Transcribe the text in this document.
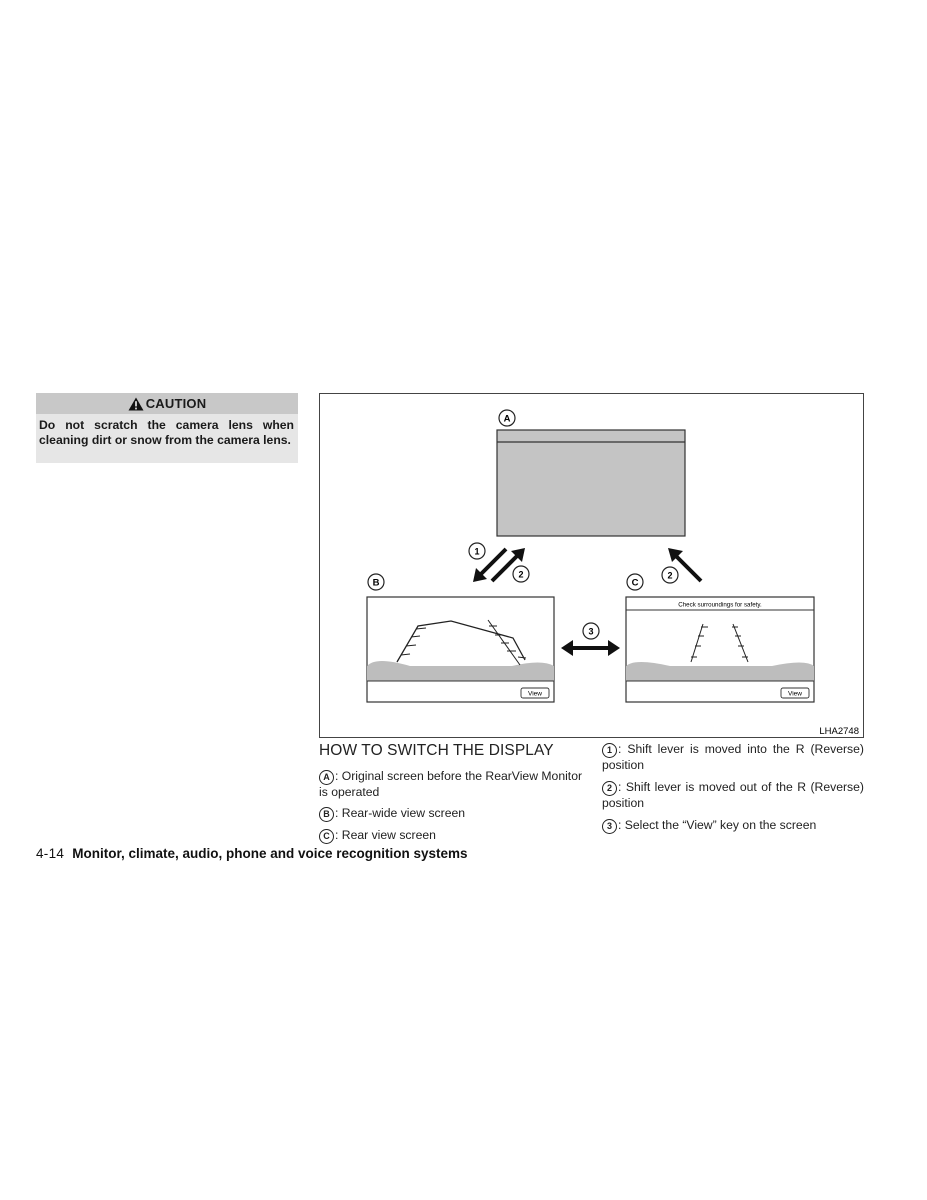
CAUTION
Do not scratch the camera lens when cleaning dirt or snow from the camera lens.
A
View
B
Check surroundings for safety.
View
C
1
2	2
3
LHA2748
HOW TO SWITCH THE DISPLAY
A : Original screen before the RearView Monitor is operated
B : Rear-wide view screen
C : Rear view screen
1 : Shift lever is moved into the R (Reverse) position
2 : Shift lever is moved out of the R (Reverse) position
3 : Select the “View” key on the screen
4-14 Monitor, climate, audio, phone and voice recognition systems
